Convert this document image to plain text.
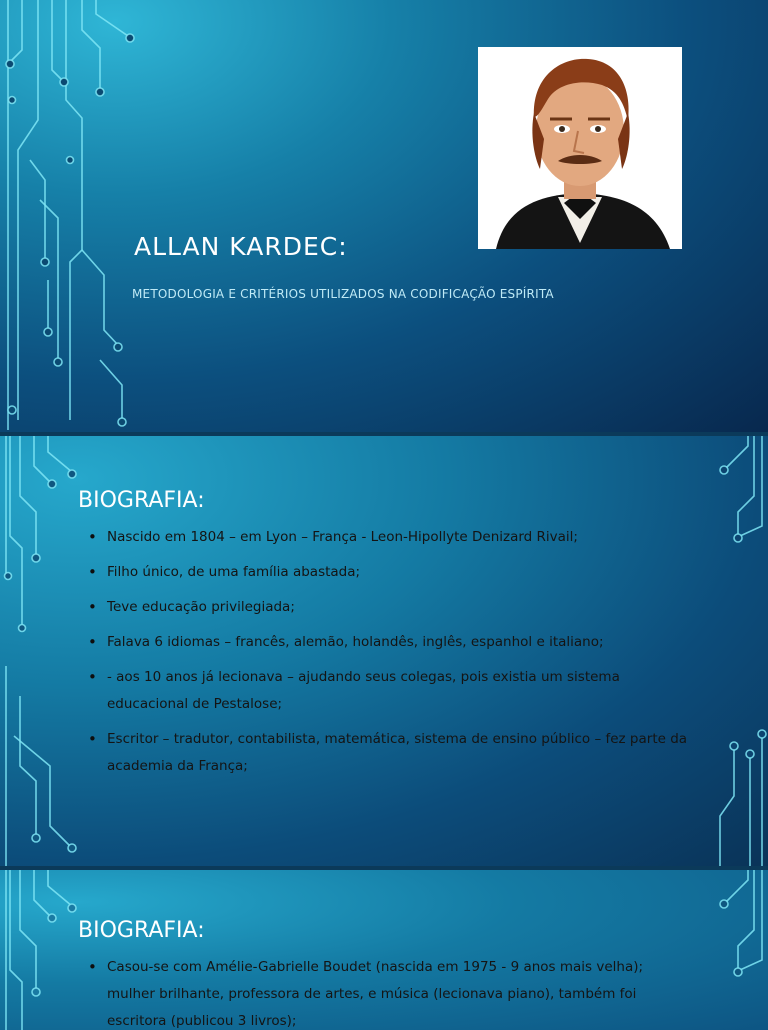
ALLAN KARDEC:
METODOLOGIA E CRITÉRIOS UTILIZADOS NA CODIFICAÇÃO ESPÍRITA
BIOGRAFIA:
• Nascido em 1804 – em Lyon – França - Leon-Hipollyte Denizard Rivail;
• Filho único, de uma família abastada;
• Teve educação privilegiada;
• Falava 6 idiomas – francês, alemão, holandês, inglês, espanhol e italiano;
• - aos 10 anos já lecionava – ajudando seus colegas, pois existia um sistema educacional de Pestalose;
• Escritor – tradutor, contabilista, matemática, sistema de ensino público – fez parte da academia da França;
BIOGRAFIA:
• Casou-se com Amélie-Gabrielle Boudet (nascida em 1975 - 9 anos mais velha); mulher brilhante, professora de artes, e música (lecionava piano), também foi escritora (publicou 3 livros);
